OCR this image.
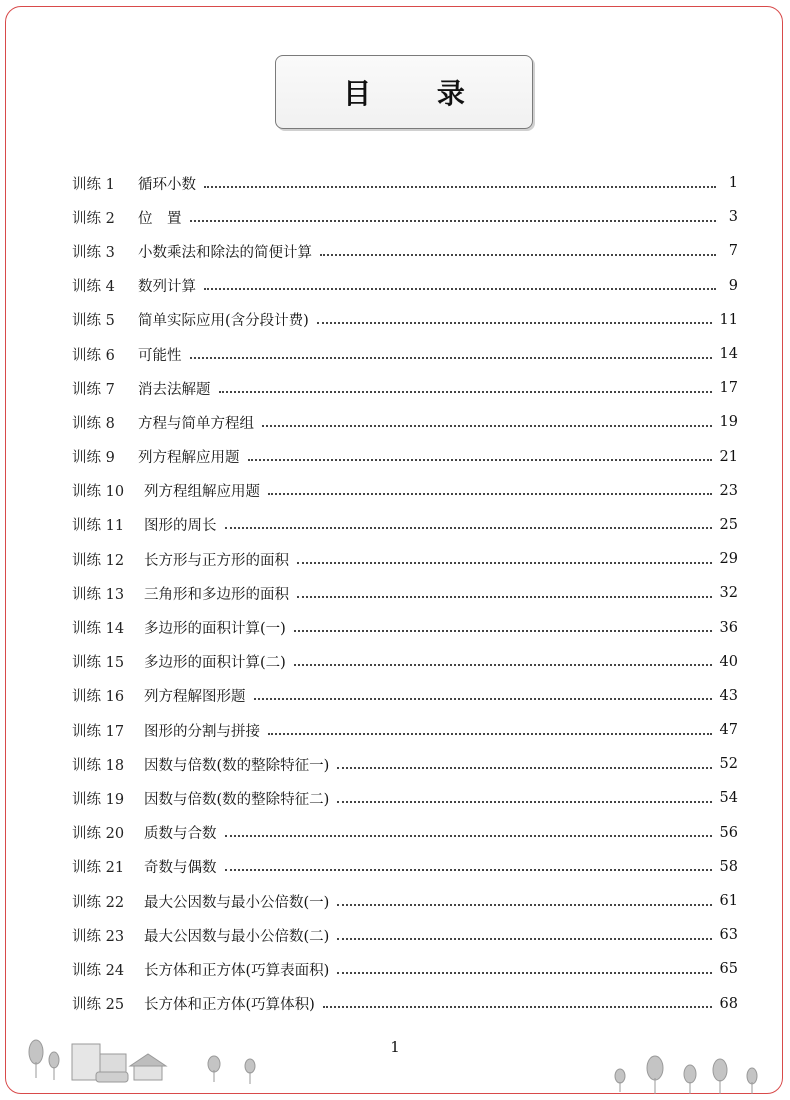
目 录
训练 1	循环小数	1
训练 2	位　置	3
训练 3	小数乘法和除法的简便计算	7
训练 4	数列计算	9
训练 5	简单实际应用(含分段计费)	11
训练 6	可能性	14
训练 7	消去法解题	17
训练 8	方程与简单方程组	19
训练 9	列方程解应用题	21
训练 10	列方程组解应用题	23
训练 11	图形的周长	25
训练 12	长方形与正方形的面积	29
训练 13	三角形和多边形的面积	32
训练 14	多边形的面积计算(一)	36
训练 15	多边形的面积计算(二)	40
训练 16	列方程解图形题	43
训练 17	图形的分割与拼接	47
训练 18	因数与倍数(数的整除特征一)	52
训练 19	因数与倍数(数的整除特征二)	54
训练 20	质数与合数	56
训练 21	奇数与偶数	58
训练 22	最大公因数与最小公倍数(一)	61
训练 23	最大公因数与最小公倍数(二)	63
训练 24	长方体和正方体(巧算表面积)	65
训练 25	长方体和正方体(巧算体积)	68
1
